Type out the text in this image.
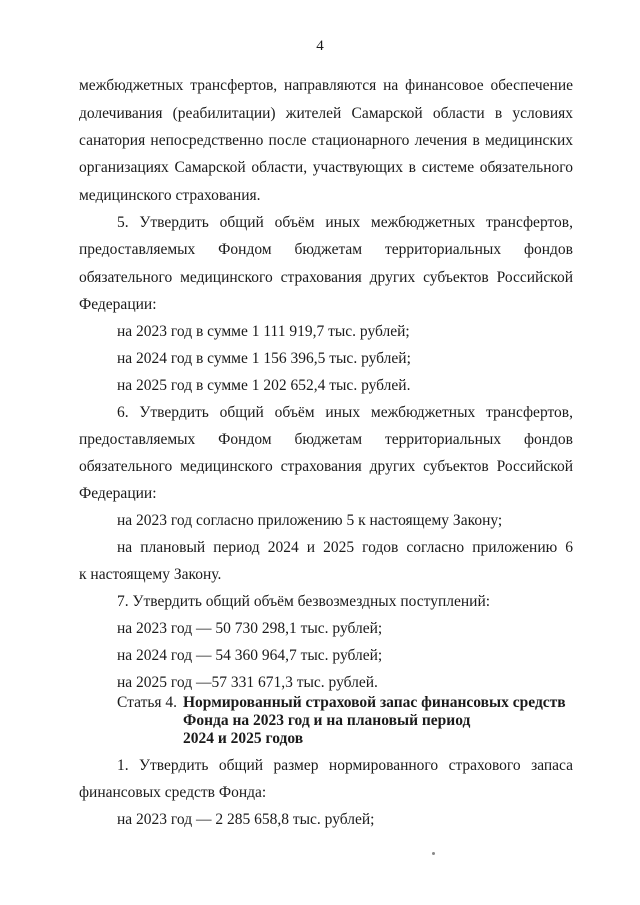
4
межбюджетных трансфертов, направляются на финансовое обеспечение
долечивания (реабилитации) жителей Самарской области в условиях
санатория непосредственно после стационарного лечения в медицинских
организациях Самарской области, участвующих в системе обязательного
медицинского страхования.
5. Утвердить общий объём иных межбюджетных трансфертов,
предоставляемых Фондом бюджетам территориальных фондов
обязательного медицинского страхования других субъектов Российской
Федерации:
на 2023 год в сумме 1 111 919,7 тыс. рублей;
на 2024 год в сумме 1 156 396,5 тыс. рублей;
на 2025 год в сумме 1 202 652,4 тыс. рублей.
6. Утвердить общий объём иных межбюджетных трансфертов,
предоставляемых Фондом бюджетам территориальных фондов
обязательного медицинского страхования других субъектов Российской
Федерации:
на 2023 год согласно приложению 5 к настоящему Закону;
на плановый период 2024 и 2025 годов согласно приложению 6
к настоящему Закону.
7. Утвердить общий объём безвозмездных поступлений:
на 2023 год — 50 730 298,1 тыс. рублей;
на 2024 год — 54 360 964,7 тыс. рублей;
на 2025 год —57 331 671,3 тыс. рублей.
1. Утвердить общий размер нормированного страхового запаса
финансовых средств Фонда:
на 2023 год — 2 285 658,8 тыс. рублей;
Статья 4. Нормированный страховой запас финансовых средств
Фонда на 2023 год и на плановый период
2024 и 2025 годов
